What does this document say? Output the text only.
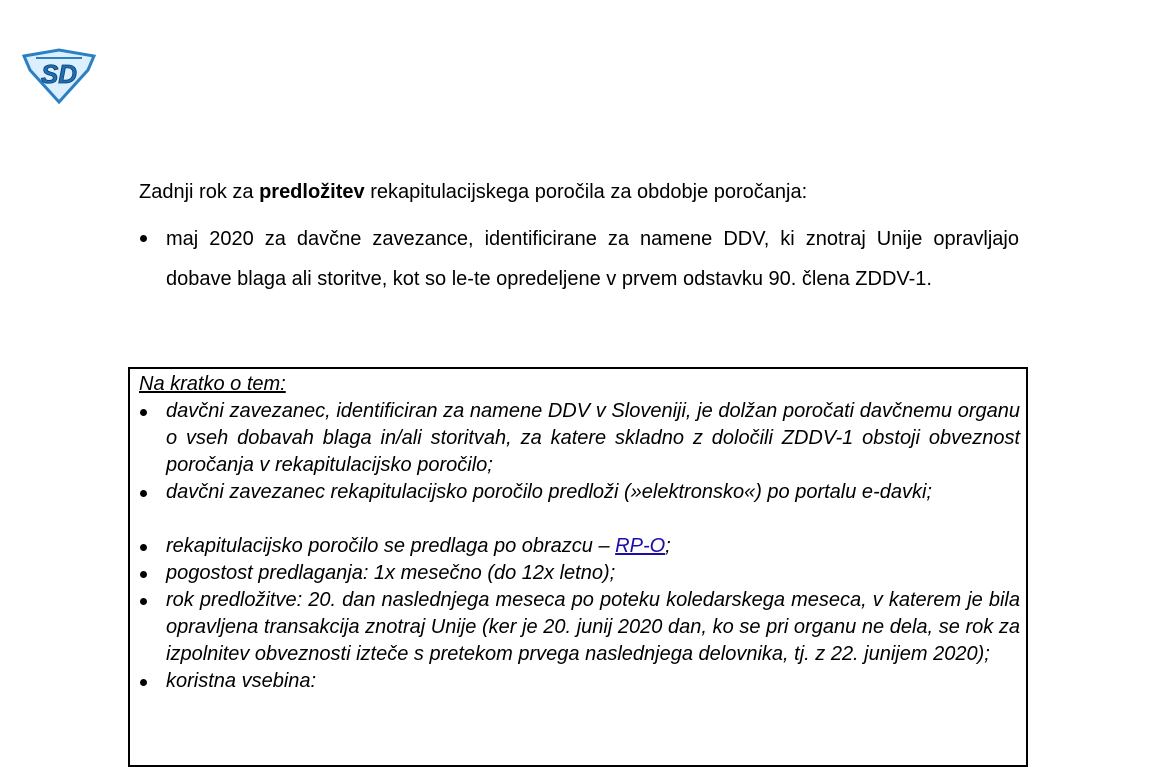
SD
Zadnji rok za predložitev rekapitulacijskega poročila za obdobje poročanja:
maj 2020 za davčne zavezance, identificirane za namene DDV, ki znotraj Unije opravljajo dobave blaga ali storitve, kot so le-te opredeljene v prvem odstavku 90. člena ZDDV-1.
Na kratko o tem:
davčni zavezanec, identificiran za namene DDV v Sloveniji, je dolžan poročati davčnemu organu o vseh dobavah blaga in/ali storitvah, za katere skladno z določili ZDDV-1 obstoji obveznost poročanja v rekapitulacijsko poročilo;
davčni zavezanec rekapitulacijsko poročilo predloži (»elektronsko«) po portalu e-davki;
rekapitulacijsko poročilo se predlaga po obrazcu – RP-O;
pogostost predlaganja: 1x mesečno (do 12x letno);
rok predložitve: 20. dan naslednjega meseca po poteku koledarskega meseca, v katerem je bila opravljena transakcija znotraj Unije (ker je 20. junij 2020 dan, ko se pri organu ne dela, se rok za izpolnitev obveznosti izteče s pretekom prvega naslednjega delovnika, tj. z 22. junijem 2020);
koristna vsebina:
